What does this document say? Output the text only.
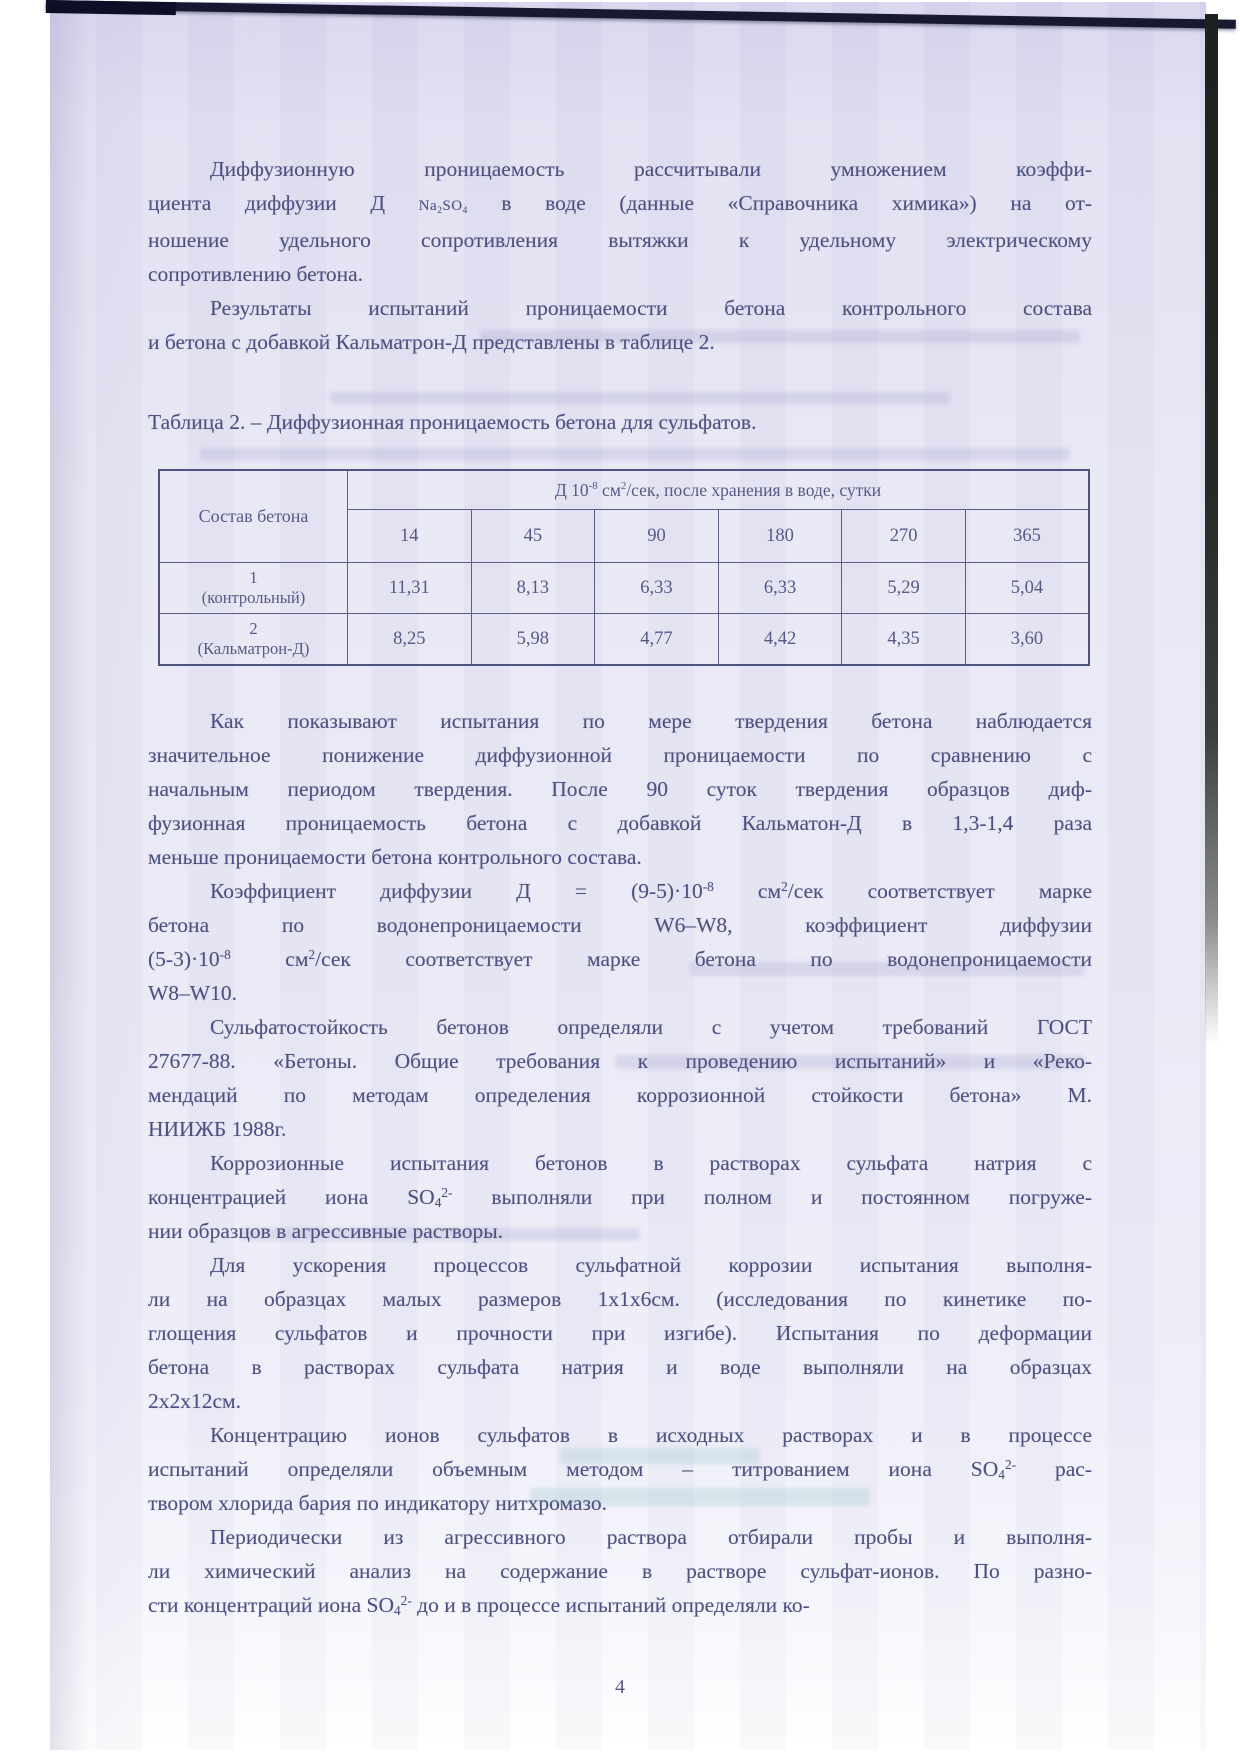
Диффузионную проницаемость рассчитывали умножением коэффи-
циента диффузии Д $Na_2SO_4$ в воде (данные «Справочника химика») на от-
ношение удельного сопротивления вытяжки к удельному электрическому
сопротивлению бетона.
Результаты испытаний проницаемости бетона контрольного состава
и бетона с добавкой Кальматрон-Д представлены в таблице 2.
Таблица 2. – Диффузионная проницаемость бетона для сульфатов.
Состав бетона	Д $10^{-8}$ $см^2$/сек, после хранения в воде, сутки					
	14	45	90	180	270	365

1
(контрольный)	11,31	8,13	6,33	6,33	5,29	5,04

2
(Кальматрон-Д)	8,25	5,98	4,77	4,42	4,35	3,60
Как показывают испытания по мере твердения бетона наблюдается
значительное понижение диффузионной проницаемости по сравнению с
начальным периодом твердения. После 90 суток твердения образцов диф-
фузионная проницаемость бетона с добавкой Кальматон-Д в 1,3-1,4 раза
меньше проницаемости бетона контрольного состава.
Коэффициент диффузии $Д = (9-5)\cdot 10^{-8}$ $см^2$/сек соответствует марке
бетона по водонепроницаемости W6–W8, коэффициент диффузии
$(5-3)\cdot 10^{-8}$ $см^2$/сек соответствует марке бетона по водонепроницаемости
W8–W10.
Сульфатостойкость бетонов определяли с учетом требований ГОСТ
27677-88. «Бетоны. Общие требования к проведению испытаний» и «Реко-
мендаций по методам определения коррозионной стойкости бетона» М.
НИИЖБ 1988г.
Коррозионные испытания бетонов в растворах сульфата натрия с
концентрацией иона $SO_4^{2-}$ выполняли при полном и постоянном погруже-
нии образцов в агрессивные растворы.
Для ускорения процессов сульфатной коррозии испытания выполня-
ли на образцах малых размеров 1х1х6см. (исследования по кинетике по-
глощения сульфатов и прочности при изгибе). Испытания по деформации
бетона в растворах сульфата натрия и воде выполняли на образцах
2х2х12см.
Концентрацию ионов сульфатов в исходных растворах и в процессе
испытаний определяли объемным методом – титрованием иона $SO_4^{2-}$ рас-
твором хлорида бария по индикатору нитхромазо.
Периодически из агрессивного раствора отбирали пробы и выполня-
ли химический анализ на содержание в растворе сульфат-ионов. По разно-
сти концентраций иона $SO_4^{2-}$ до и в процессе испытаний определяли ко-
4
